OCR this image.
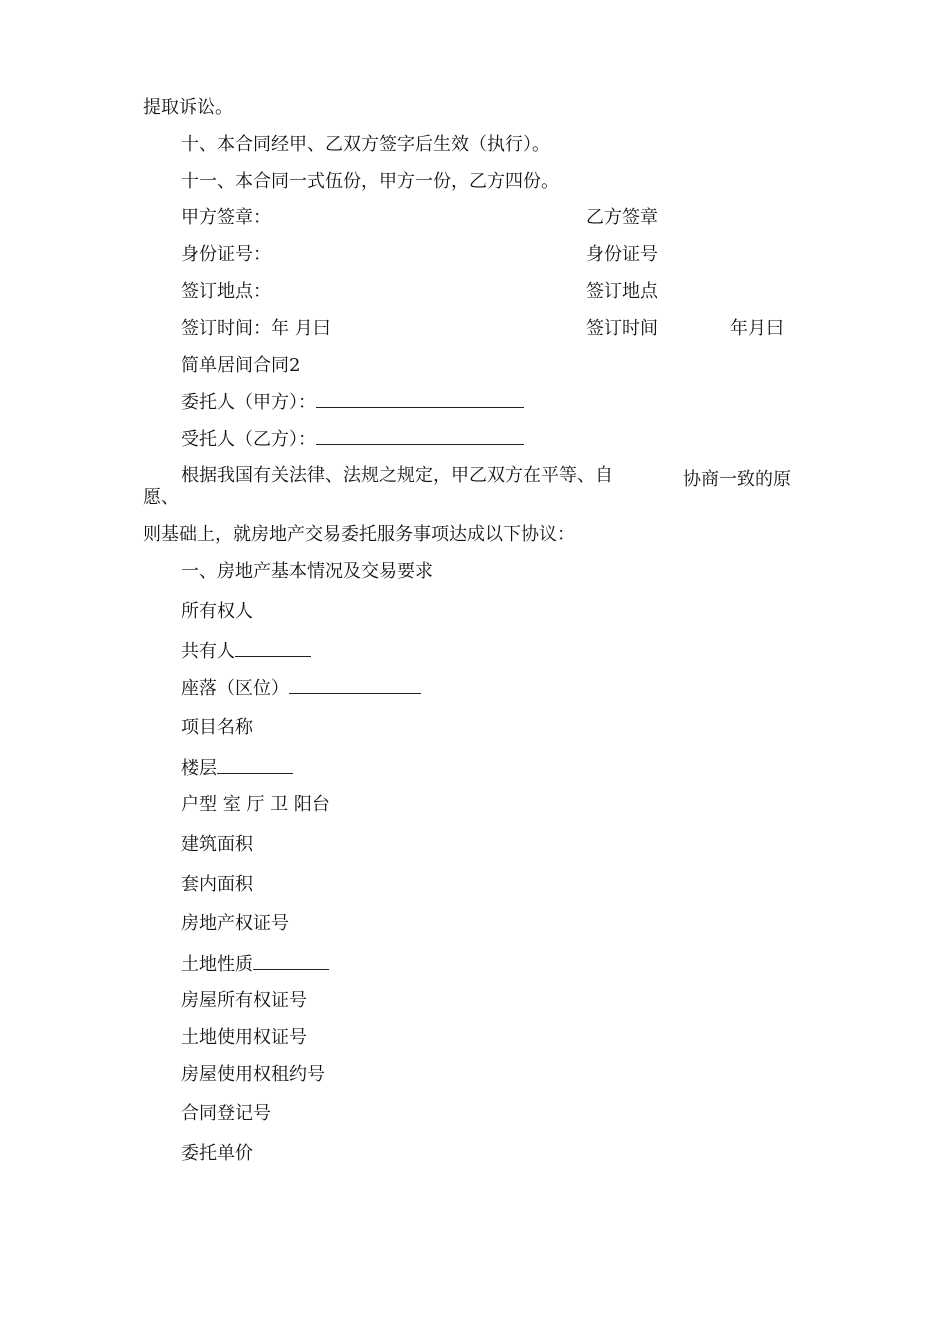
提取诉讼。
十、本合同经甲、乙双方签字后生效（执行）。
十一、本合同一式伍份，甲方一份，乙方四份。
甲方签章：	乙方签章
身份证号：	身份证号
签订地点：	签订地点
签订时间：年 月曰	签订时间	年月曰
简单居间合同2
委托人（甲方）：
受托人（乙方）：
根据我国有关法律、法规之规定，甲乙双方在平等、自	协商一致的原
愿、
则基础上，就房地产交易委托服务事项达成以下协议：
一、房地产基本情况及交易要求
所有权人
共有人
座落（区位）
项目名称
楼层
户型 室 厅 卫 阳台
建筑面积
套内面积
房地产权证号
土地性质
房屋所有权证号
土地使用权证号
房屋使用权租约号
合同登记号
委托单价
